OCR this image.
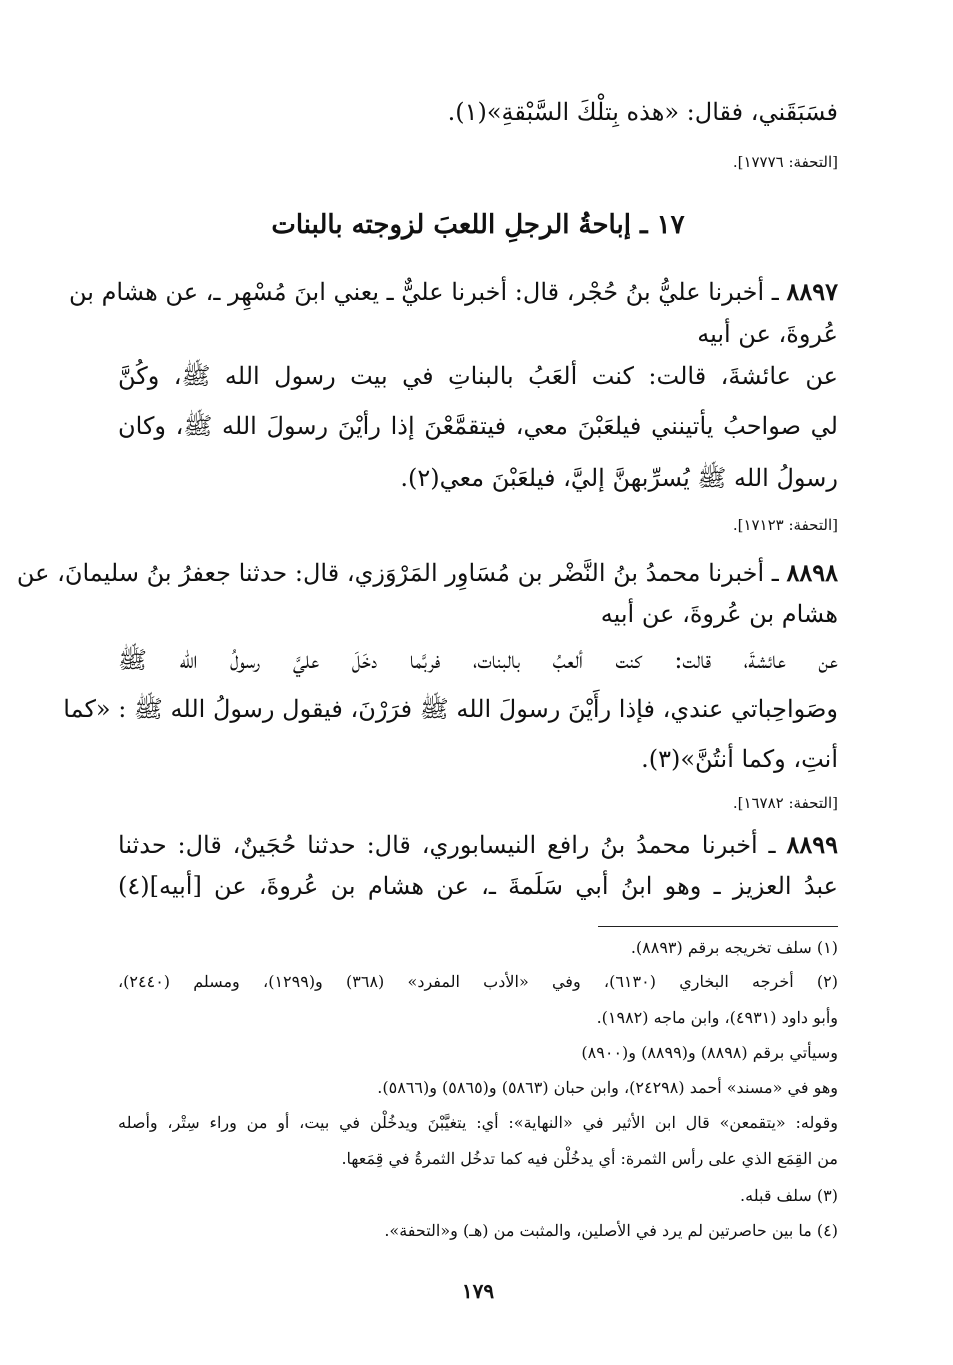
فسَبَقَني، فقال: «هذه بِتلْكَ السَّبْقةِ»(١).
[التحفة: ١٧٧٧٦].
١٧ ـ إباحةُ الرجلِ اللعبَ لزوجته بالبنات
٨٨٩٧ ـ أخبرنا عليُّ بنُ حُجْر، قال: أخبرنا عليٌّ ـ يعني ابنَ مُسْهِر ـ، عن هشام بن
عُروةَ، عن أبيه
عن عائشةَ، قالت: كنت ألعَبُ بالبناتِ في بيت رسول الله ﷺ، وكُنَّ
لي صواحبُ يأتينني فيلعَبْنَ معي، فيتقمَّعْنَ إذا رأيْنَ رسولَ الله ﷺ، وكان
رسولُ الله ﷺ يُسرِّبهنَّ إليَّ، فيلعَبْنَ معي(٢).
[التحفة: ١٧١٢٣].
٨٨٩٨ ـ أخبرنا محمدُ بنُ النَّضْر بن مُسَاوِر المَرْوَزي، قال: حدثنا جعفرُ بنُ سليمانَ، عن
هشام بن عُروةَ، عن أبيه
عن عائشةَ، قالت: كنت ألعبُ بالبنات، فربَّما دخَلَ عليَّ رسولُ الله ﷺ
وصَواحِباتي عندي، فإذا رأَيْنَ رسولَ الله ﷺ فرَرْنَ، فيقول رسولُ الله ﷺ : «كما
أنتِ، وكما أنتُنَّ»(٣).
[التحفة: ١٦٧٨٢].
٨٨٩٩ ـ أخبرنا محمدُ بنُ رافع النيسابوري، قال: حدثنا حُجَينٌ، قال: حدثنا
عبدُ العزيز ـ وهو ابنُ أبي سَلَمةَ ـ، عن هشام بن عُروةَ، عن [أبيه](٤)
(١) سلف تخريجه برقم (٨٨٩٣).
(٢) أخرجه البخاري (٦١٣٠)، وفي «الأدب المفرد» (٣٦٨) و(١٢٩٩)، ومسلم (٢٤٤٠)،
وأبو داود (٤٩٣١)، وابن ماجه (١٩٨٢).
وسيأتي برقم (٨٨٩٨) و(٨٨٩٩) و(٨٩٠٠)
وهو في «مسند» أحمد (٢٤٢٩٨)، وابن حبان (٥٨٦٣) و(٥٨٦٥) و(٥٨٦٦).
وقوله: «يتقمعن» قال ابن الأثير في «النهاية»: أي: يتغيَّبْنَ ويدخُلْن في بيت، أو من وراء سِتْر، وأصله
من القِمَع الذي على رأس الثمرة: أي يدخُلْن فيه كما تدخُل الثمرةُ في قِمَعها.
(٣) سلف قبله.
(٤) ما بين حاصرتين لم يرد في الأصلين، والمثبت من (هـ) و«التحفة».
١٧٩
